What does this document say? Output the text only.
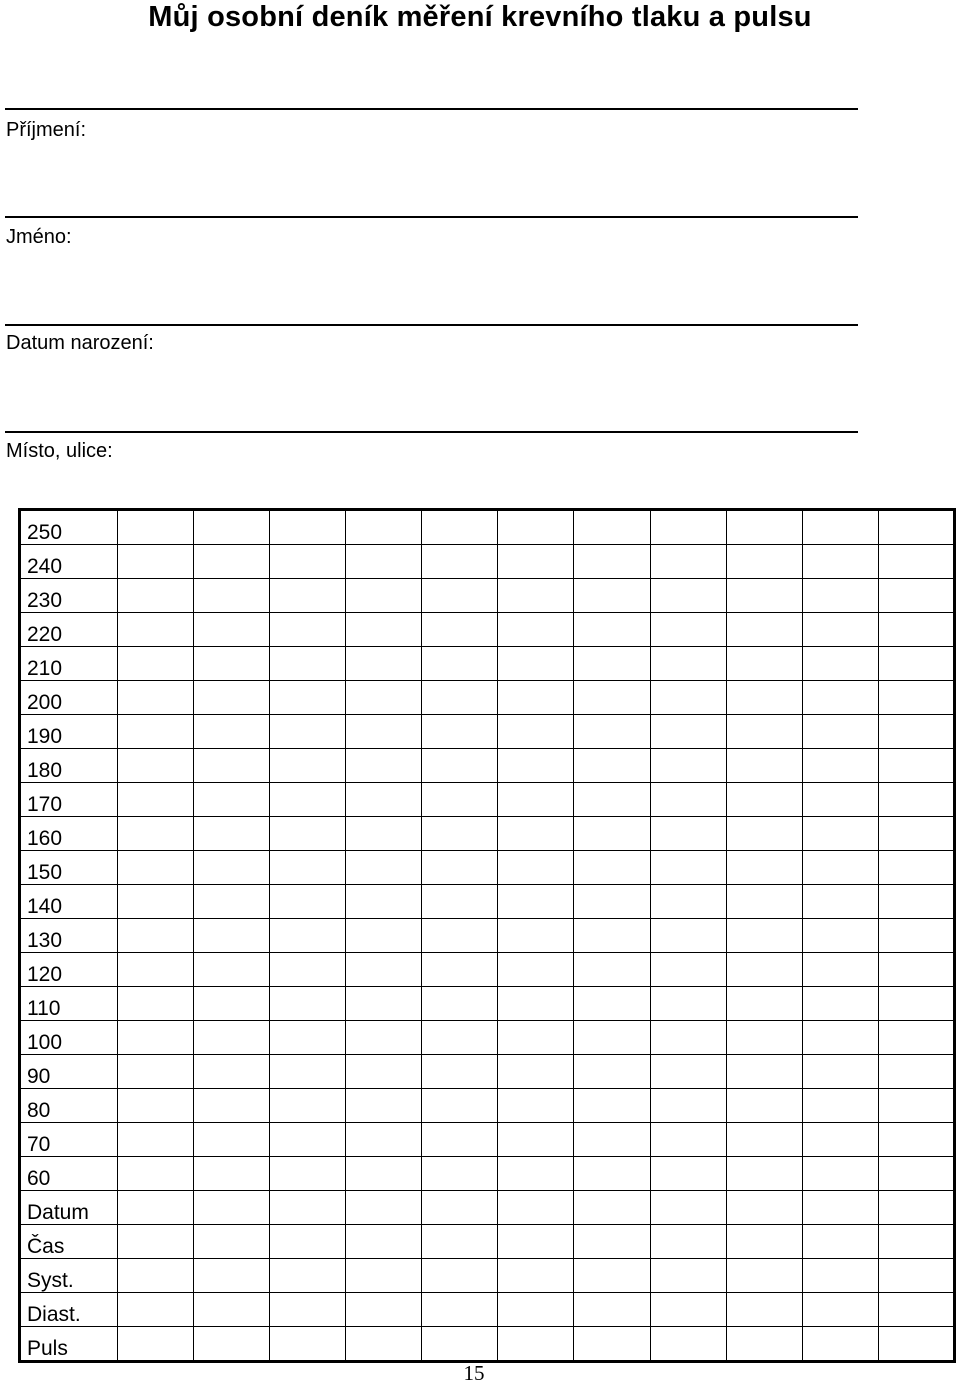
Můj osobní deník měření krevního tlaku a pulsu
Příjmení:
Jméno:
Datum narození:
Místo, ulice:
250											
240											
230											
220											
210											
200											
190											
180											
170											
160											
150											
140											
130											
120											
110											
100											
90											
80											
70											
60											
Datum											
Čas											
Syst.											
Diast.											
Puls											
15
